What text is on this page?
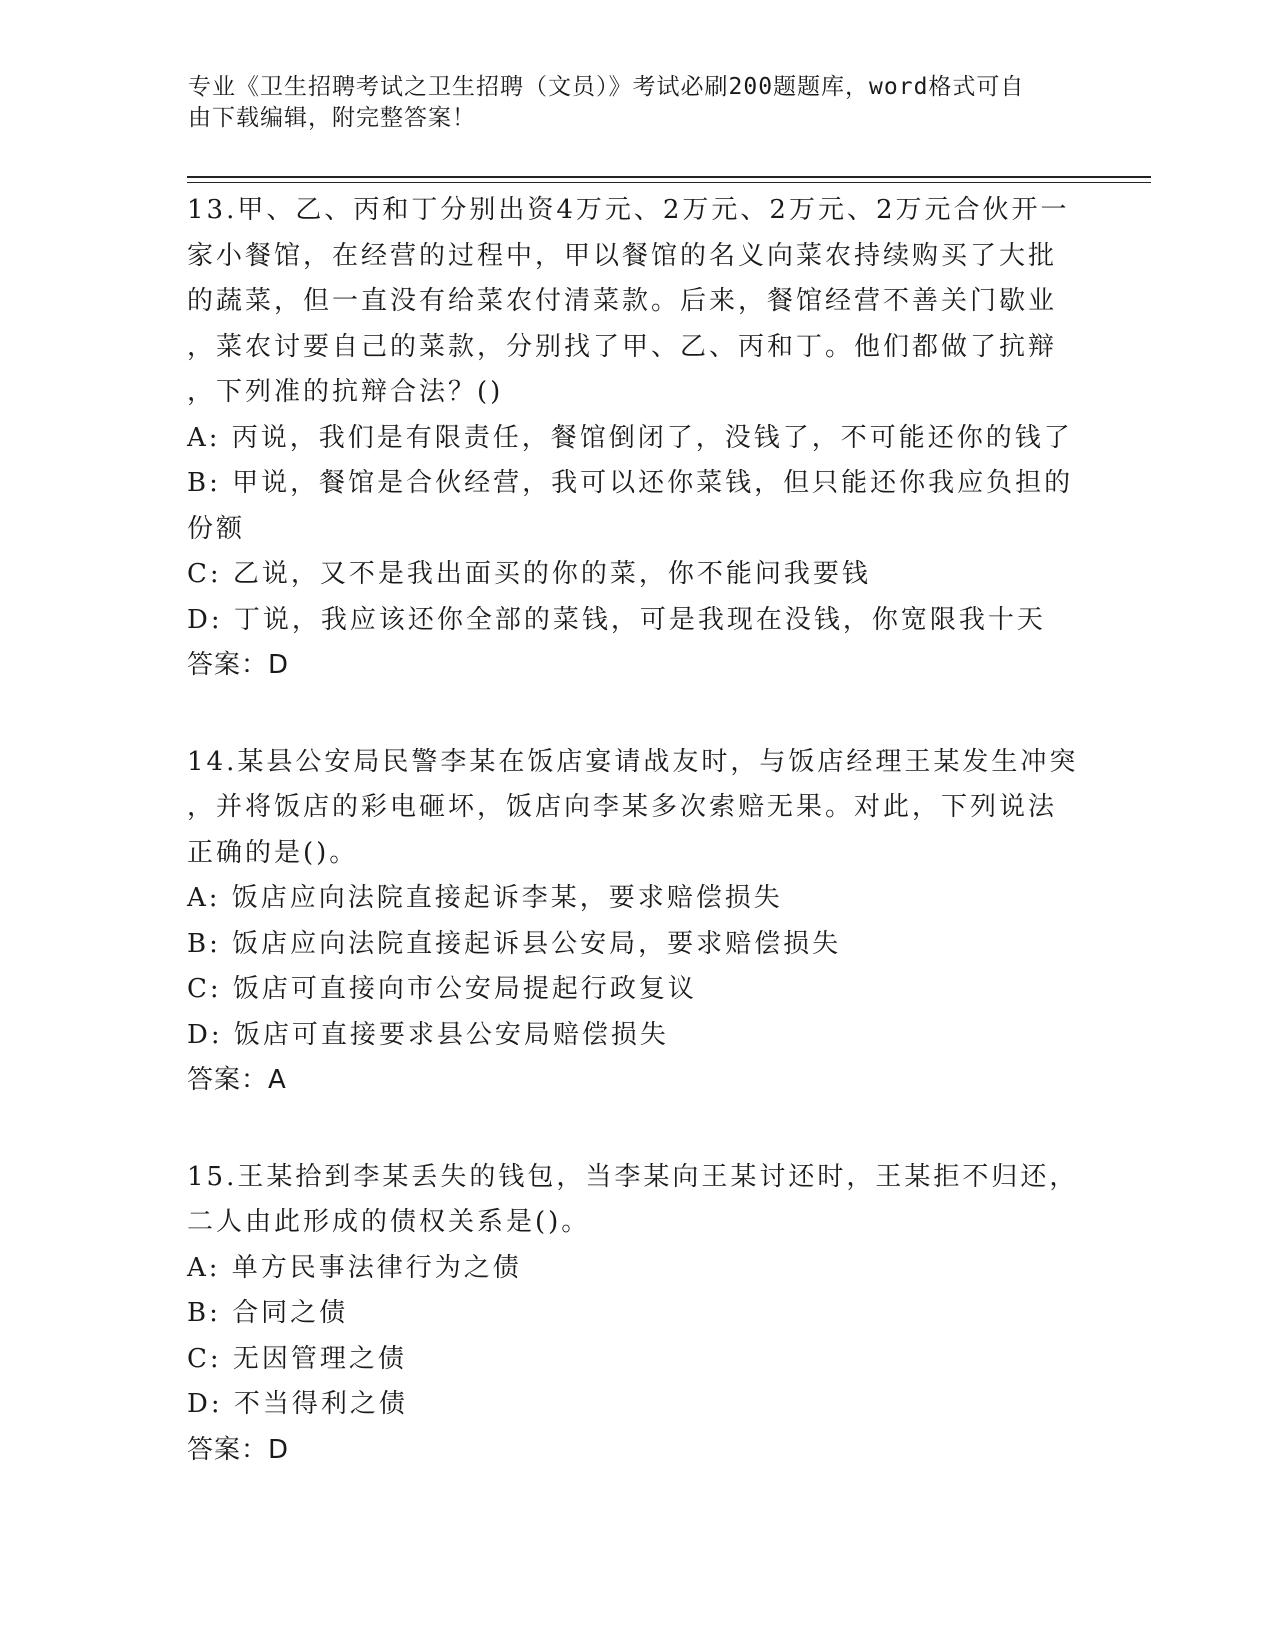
专业《卫生招聘考试之卫生招聘（文员）》考试必刷200题题库，word格式可自
由下载编辑，附完整答案！

13.甲、乙、丙和丁分别出资4万元、2万元、2万元、2万元合伙开一

家小餐馆，在经营的过程中，甲以餐馆的名义向菜农持续购买了大批

的蔬菜，但一直没有给菜农付清菜款。后来，餐馆经营不善关门歇业

，菜农讨要自己的菜款，分别找了甲、乙、丙和丁。他们都做了抗辩

，下列准的抗辩合法？()

A: 丙说，我们是有限责任，餐馆倒闭了，没钱了，不可能还你的钱了

B: 甲说，餐馆是合伙经营，我可以还你菜钱，但只能还你我应负担的

份额

C: 乙说，又不是我出面买的你的菜，你不能问我要钱

D: 丁说，我应该还你全部的菜钱，可是我现在没钱，你宽限我十天

答案：D

14.某县公安局民警李某在饭店宴请战友时，与饭店经理王某发生冲突

，并将饭店的彩电砸坏，饭店向李某多次索赔无果。对此，下列说法

正确的是()。

A: 饭店应向法院直接起诉李某，要求赔偿损失

B: 饭店应向法院直接起诉县公安局，要求赔偿损失

C: 饭店可直接向市公安局提起行政复议

D: 饭店可直接要求县公安局赔偿损失

答案：A

15.王某拾到李某丢失的钱包，当李某向王某讨还时，王某拒不归还，

二人由此形成的债权关系是()。

A: 单方民事法律行为之债

B: 合同之债

C: 无因管理之债

D: 不当得利之债

答案：D
